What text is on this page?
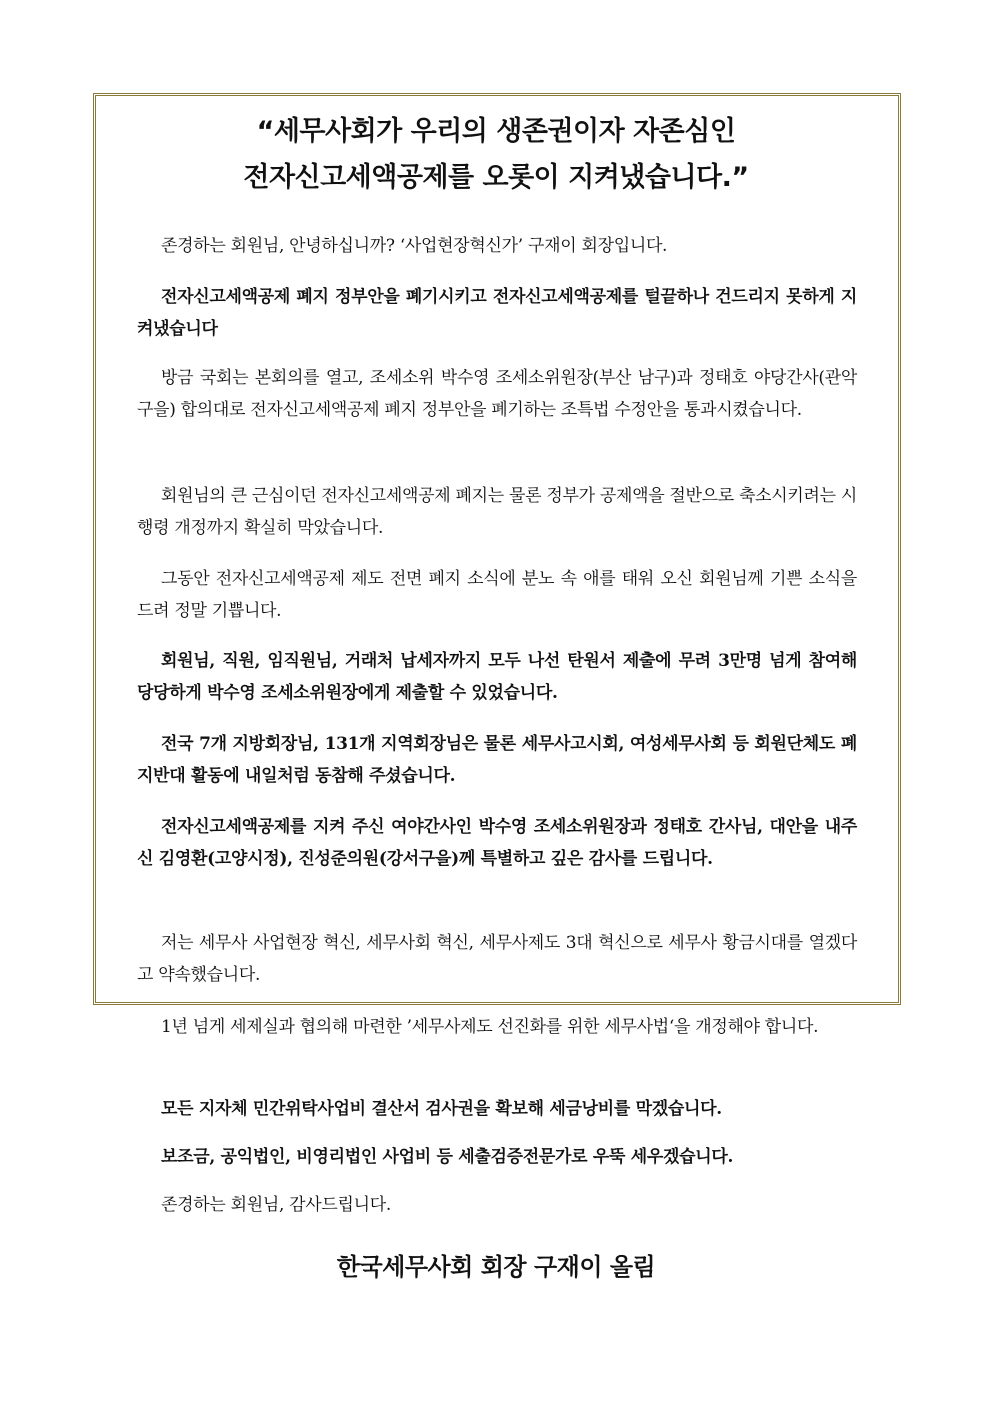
“세무사회가 우리의 생존권이자 자존심인
전자신고세액공제를 오롯이 지켜냈습니다.”
존경하는 회원님, 안녕하십니까? ‘사업현장혁신가’ 구재이 회장입니다.
전자신고세액공제 폐지 정부안을 폐기시키고 전자신고세액공제를 털끝하나 건드리지 못하게 지켜냈습니다
방금 국회는 본회의를 열고, 조세소위 박수영 조세소위원장(부산 남구)과 정태호 야당간사(관악구을) 합의대로 전자신고세액공제 폐지 정부안을 폐기하는 조특법 수정안을 통과시켰습니다.
회원님의 큰 근심이던 전자신고세액공제 폐지는 물론 정부가 공제액을 절반으로 축소시키려는 시행령 개정까지 확실히 막았습니다.
그동안 전자신고세액공제 제도 전면 폐지 소식에 분노 속 애를 태워 오신 회원님께 기쁜 소식을 드려 정말 기쁩니다.
회원님, 직원, 임직원님, 거래처 납세자까지 모두 나선 탄원서 제출에 무려 3만명 넘게 참여해 당당하게 박수영 조세소위원장에게 제출할 수 있었습니다.
전국 7개 지방회장님, 131개 지역회장님은 물론 세무사고시회, 여성세무사회 등 회원단체도 폐지반대 활동에 내일처럼 동참해 주셨습니다.
전자신고세액공제를 지켜 주신 여야간사인 박수영 조세소위원장과 정태호 간사님, 대안을 내주신 김영환(고양시정), 진성준의원(강서구을)께 특별하고 깊은 감사를 드립니다.
저는 세무사 사업현장 혁신, 세무사회 혁신, 세무사제도 3대 혁신으로 세무사 황금시대를 열겠다고 약속했습니다.
1년 넘게 세제실과 협의해 마련한 ’세무사제도 선진화를 위한 세무사법‘을 개정해야 합니다.
모든 지자체 민간위탁사업비 결산서 검사권을 확보해 세금낭비를 막겠습니다.
보조금, 공익법인, 비영리법인 사업비 등 세출검증전문가로 우뚝 세우겠습니다.
존경하는 회원님, 감사드립니다.
한국세무사회 회장 구재이 올림
